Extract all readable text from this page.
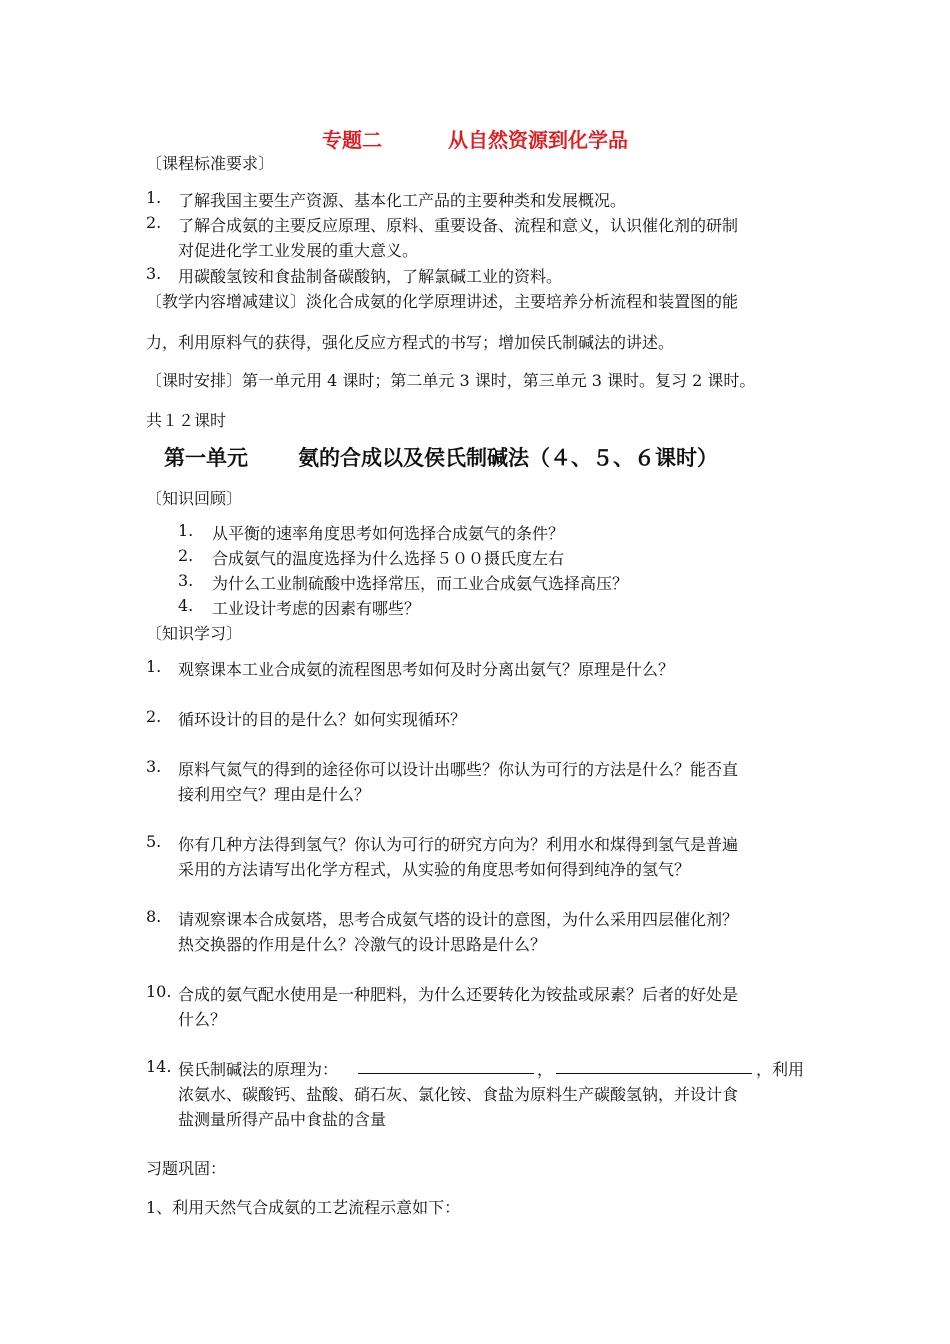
专题二	从自然资源到化学品
〔课程标准要求〕
1. 了解我国主要生产资源、基本化工产品的主要种类和发展概况。
2. 了解合成氨的主要反应原理、原料、重要设备、流程和意义，认识催化剂的研制
对促进化学工业发展的重大意义。
3. 用碳酸氢铵和食盐制备碳酸钠，了解氯碱工业的资料。
〔教学内容增减建议〕淡化合成氨的化学原理讲述，主要培养分析流程和装置图的能
力，利用原料气的获得，强化反应方程式的书写；增加侯氏制碱法的讲述。
〔课时安排〕第一单元用 4 课时；第二单元 3 课时，第三单元 3 课时。复习 2 课时。
共１２课时
第一单元 氨的合成以及侯氏制碱法（４、５、６课时）
〔知识回顾〕
1. 从平衡的速率角度思考如何选择合成氨气的条件？
2. 合成氨气的温度选择为什么选择５００摄氏度左右
3. 为什么工业制硫酸中选择常压，而工业合成氨气选择高压？
4. 工业设计考虑的因素有哪些？
〔知识学习〕
1. 观察课本工业合成氨的流程图思考如何及时分离出氨气？原理是什么？
2. 循环设计的目的是什么？如何实现循环？
3. 原料气氮气的得到的途径你可以设计出哪些？你认为可行的方法是什么？能否直
接利用空气？理由是什么？
5. 你有几种方法得到氢气？你认为可行的研究方向为？利用水和煤得到氢气是普遍
采用的方法请写出化学方程式，从实验的角度思考如何得到纯净的氢气？
8. 请观察课本合成氨塔，思考合成氨气塔的设计的意图，为什么采用四层催化剂？
热交换器的作用是什么？冷激气的设计思路是什么？
10. 合成的氨气配水使用是一种肥料，为什么还要转化为铵盐或尿素？后者的好处是
什么？
14. 侯氏制碱法的原理为：	，	，利用
浓氨水、碳酸钙、盐酸、硝石灰、氯化铵、食盐为原料生产碳酸氢钠，并设计食
盐测量所得产品中食盐的含量
习题巩固：
1、利用天然气合成氨的工艺流程示意如下：
